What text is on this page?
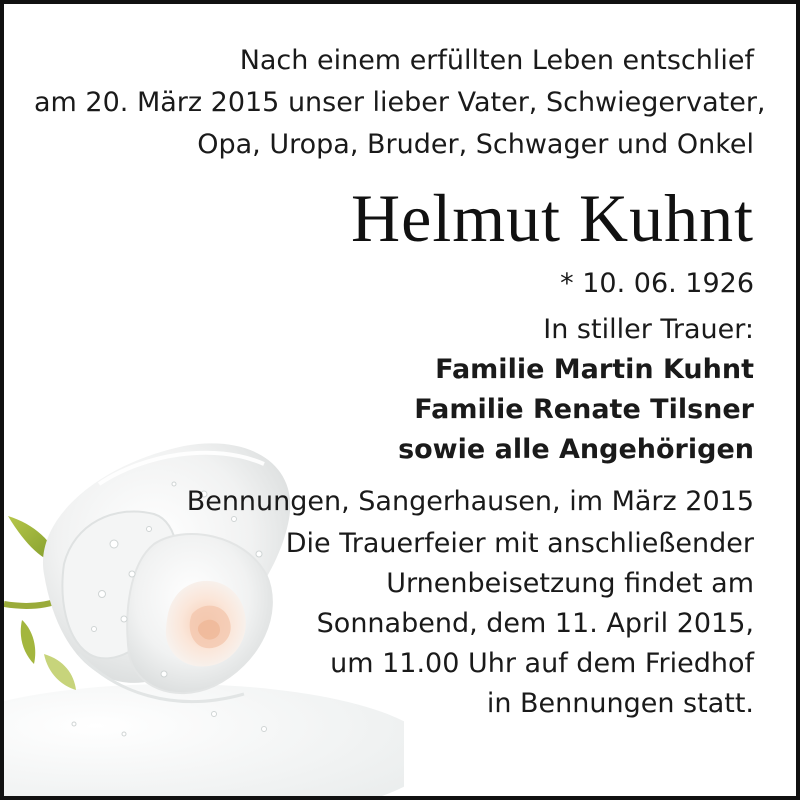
Nach einem erfüllten Leben entschlief
am 20. März 2015 unser lieber Vater, Schwiegervater,
Opa, Uropa, Bruder, Schwager und Onkel
Helmut Kuhnt
* 10. 06. 1926
In stiller Trauer:
Familie Martin Kuhnt
Familie Renate Tilsner
sowie alle Angehörigen
Bennungen, Sangerhausen, im März 2015
Die Trauerfeier mit anschließender
Urnenbeisetzung findet am
Sonnabend, dem 11. April 2015,
um 11.00 Uhr auf dem Friedhof
in Bennungen statt.
